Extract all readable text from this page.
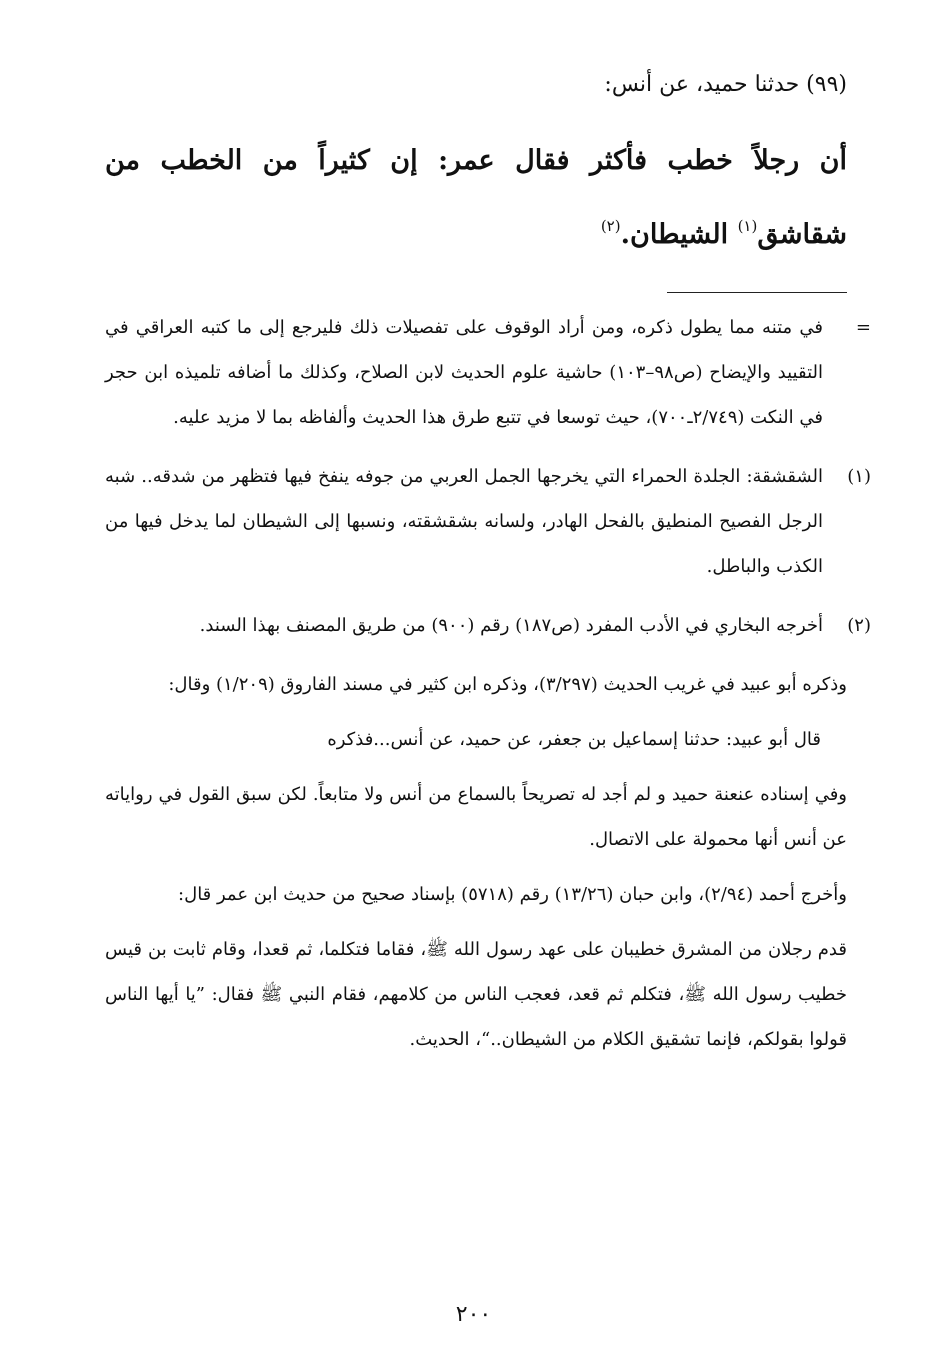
(٩٩) حدثنا حميد، عن أنس:
أن رجلاً خطب فأكثر فقال عمر: إن كثيراً من الخطب من شقاشق$^{(١)}$ الشيطان.$^{(٢)}$
=في متنه مما يطول ذكره، ومن أراد الوقوف على تفصيلات ذلك فليرجع إلى ما كتبه العراقي في التقييد والإيضاح (ص٩٨–١٠٣) حاشية علوم الحديث لابن الصلاح، وكذلك ما أضافه تلميذه ابن حجر في النكت (٢/٧٤٩ـ٧٠٠)، حيث توسعا في تتبع طرق هذا الحديث وألفاظه بما لا مزيد عليه.
(١)الشقشقة: الجلدة الحمراء التي يخرجها الجمل العربي من جوفه ينفخ فيها فتظهر من شدقه.. شبه الرجل الفصيح المنطيق بالفحل الهادر، ولسانه بشقشقته، ونسبها إلى الشيطان لما يدخل فيها من الكذب والباطل.
(٢)أخرجه البخاري في الأدب المفرد (ص١٨٧) رقم (٩٠٠) من طريق المصنف بهذا السند.
وذكره أبو عبيد في غريب الحديث (٣/٢٩٧)، وذكره ابن كثير في مسند الفاروق (١/٢٠٩) وقال:
قال أبو عبيد: حدثنا إسماعيل بن جعفر، عن حميد، عن أنس...فذكره
وفي إسناده عنعنة حميد و لم أجد له تصريحاً بالسماع من أنس ولا متابعاً. لكن سبق القول في رواياته عن أنس أنها محمولة على الاتصال.
وأخرج أحمد (٢/٩٤)، وابن حبان (١٣/٢٦) رقم (٥٧١٨) بإسناد صحيح من حديث ابن عمر قال:
قدم رجلان من المشرق خطيبان على عهد رسول الله ﷺ، فقاما فتكلما، ثم قعدا، وقام ثابت بن قيس خطيب رسول الله ﷺ، فتكلم ثم قعد، فعجب الناس من كلامهم، فقام النبي ﷺ فقال: ”يا أيها الناس قولوا بقولكم، فإنما تشقيق الكلام من الشيطان..“، الحديث.
٢٠٠
